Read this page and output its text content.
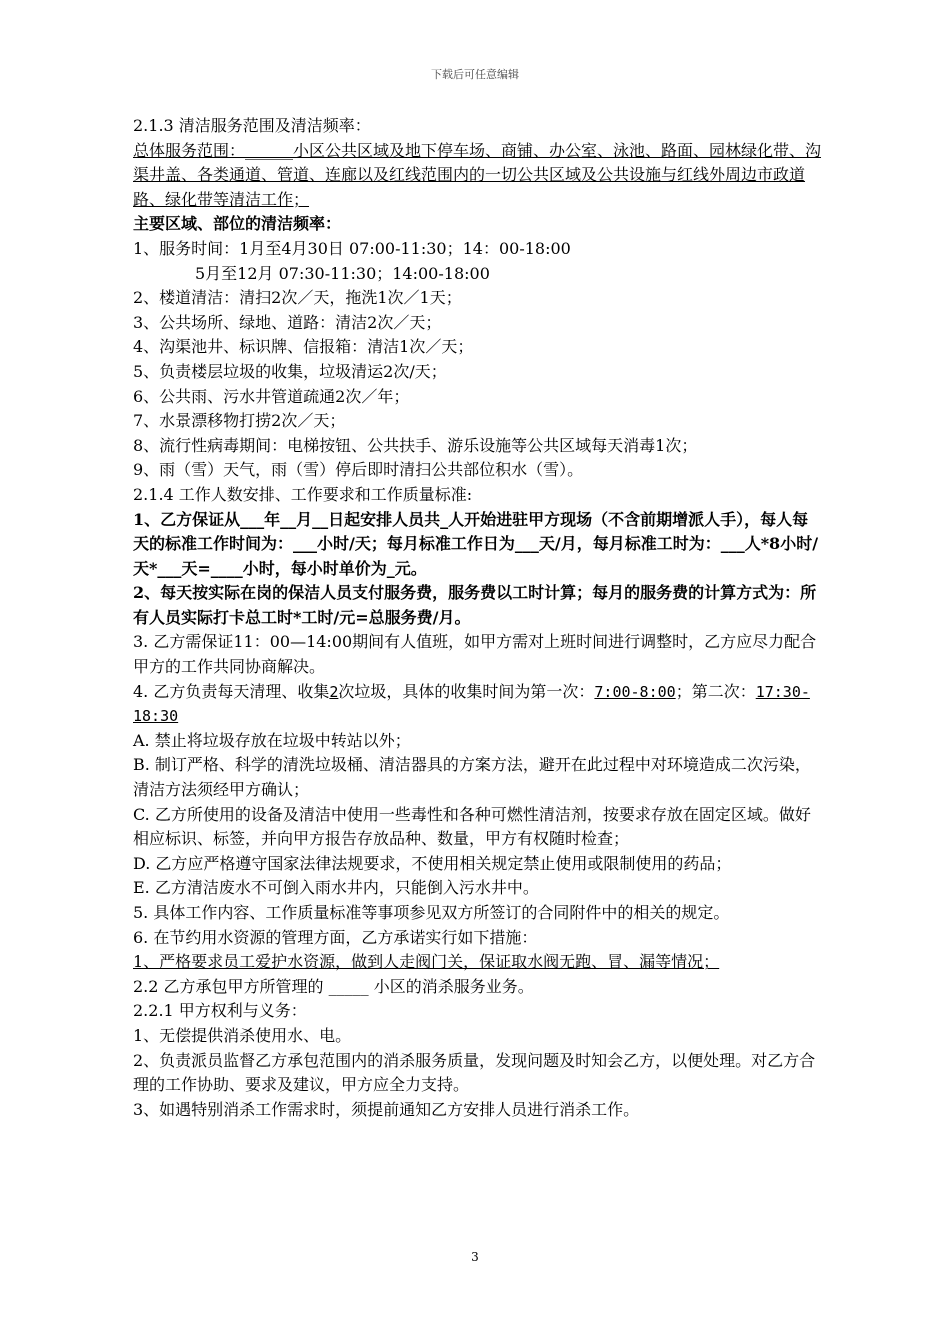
下载后可任意编辑

2.1.3 清洁服务范围及清洁频率：

总体服务范围：______小区公共区域及地下停车场、商铺、办公室、泳池、路面、园林绿化带、沟渠井盖、各类通道、管道、连廊以及红线范围内的一切公共区域及公共设施与红线外周边市政道路、绿化带等清洁工作；

主要区域、部位的清洁频率：

1、服务时间：1月至4月30日 07:00-11:30；14：00-18:00

5月至12月 07:30-11:30；14:00-18:00

2、楼道清洁：清扫2次／天，拖洗1次／1天；

3、公共场所、绿地、道路：清洁2次／天；

4、沟渠池井、标识牌、信报箱：清洁1次／天；

5、负责楼层垃圾的收集，垃圾清运2次/天；

6、公共雨、污水井管道疏通2次／年；

7、水景漂移物打捞2次／天；

8、流行性病毒期间：电梯按钮、公共扶手、游乐设施等公共区域每天消毒1次；

9、雨（雪）天气，雨（雪）停后即时清扫公共部位积水（雪）。

2.1.4 工作人数安排、工作要求和工作质量标准:

1、乙方保证从___年__月__日起安排人员共_人开始进驻甲方现场（不含前期增派人手），每人每天的标准工作时间为：___小时/天；每月标准工作日为___天/月，每月标准工时为：___人*8小时/天*___天=____小时，每小时单价为_元。

2、每天按实际在岗的保洁人员支付服务费，服务费以工时计算；每月的服务费的计算方式为：所有人员实际打卡总工时*工时/元=总服务费/月。

3. 乙方需保证11：00—14:00期间有人值班，如甲方需对上班时间进行调整时，乙方应尽力配合甲方的工作共同协商解决。

4. 乙方负责每天清理、收集2次垃圾，具体的收集时间为第一次：7:00-8:00；第二次：17:30-18:30

A. 禁止将垃圾存放在垃圾中转站以外；

B. 制订严格、科学的清洗垃圾桶、清洁器具的方案方法，避开在此过程中对环境造成二次污染，清洁方法须经甲方确认；

C. 乙方所使用的设备及清洁中使用一些毒性和各种可燃性清洁剂，按要求存放在固定区域。做好相应标识、标签，并向甲方报告存放品种、数量，甲方有权随时检查；

D. 乙方应严格遵守国家法律法规要求，不使用相关规定禁止使用或限制使用的药品；

E. 乙方清洁废水不可倒入雨水井内，只能倒入污水井中。

5. 具体工作内容、工作质量标准等事项参见双方所签订的合同附件中的相关的规定。

6. 在节约用水资源的管理方面，乙方承诺实行如下措施：

1、严格要求员工爱护水资源，做到人走阀门关，保证取水阀无跑、冒、漏等情况；

2.2 乙方承包甲方所管理的 _____ 小区的消杀服务业务。

2.2.1 甲方权利与义务：

1、无偿提供消杀使用水、电。

2、负责派员监督乙方承包范围内的消杀服务质量，发现问题及时知会乙方，以便处理。对乙方合理的工作协助、要求及建议，甲方应全力支持。

3、如遇特别消杀工作需求时，须提前通知乙方安排人员进行消杀工作。

3
